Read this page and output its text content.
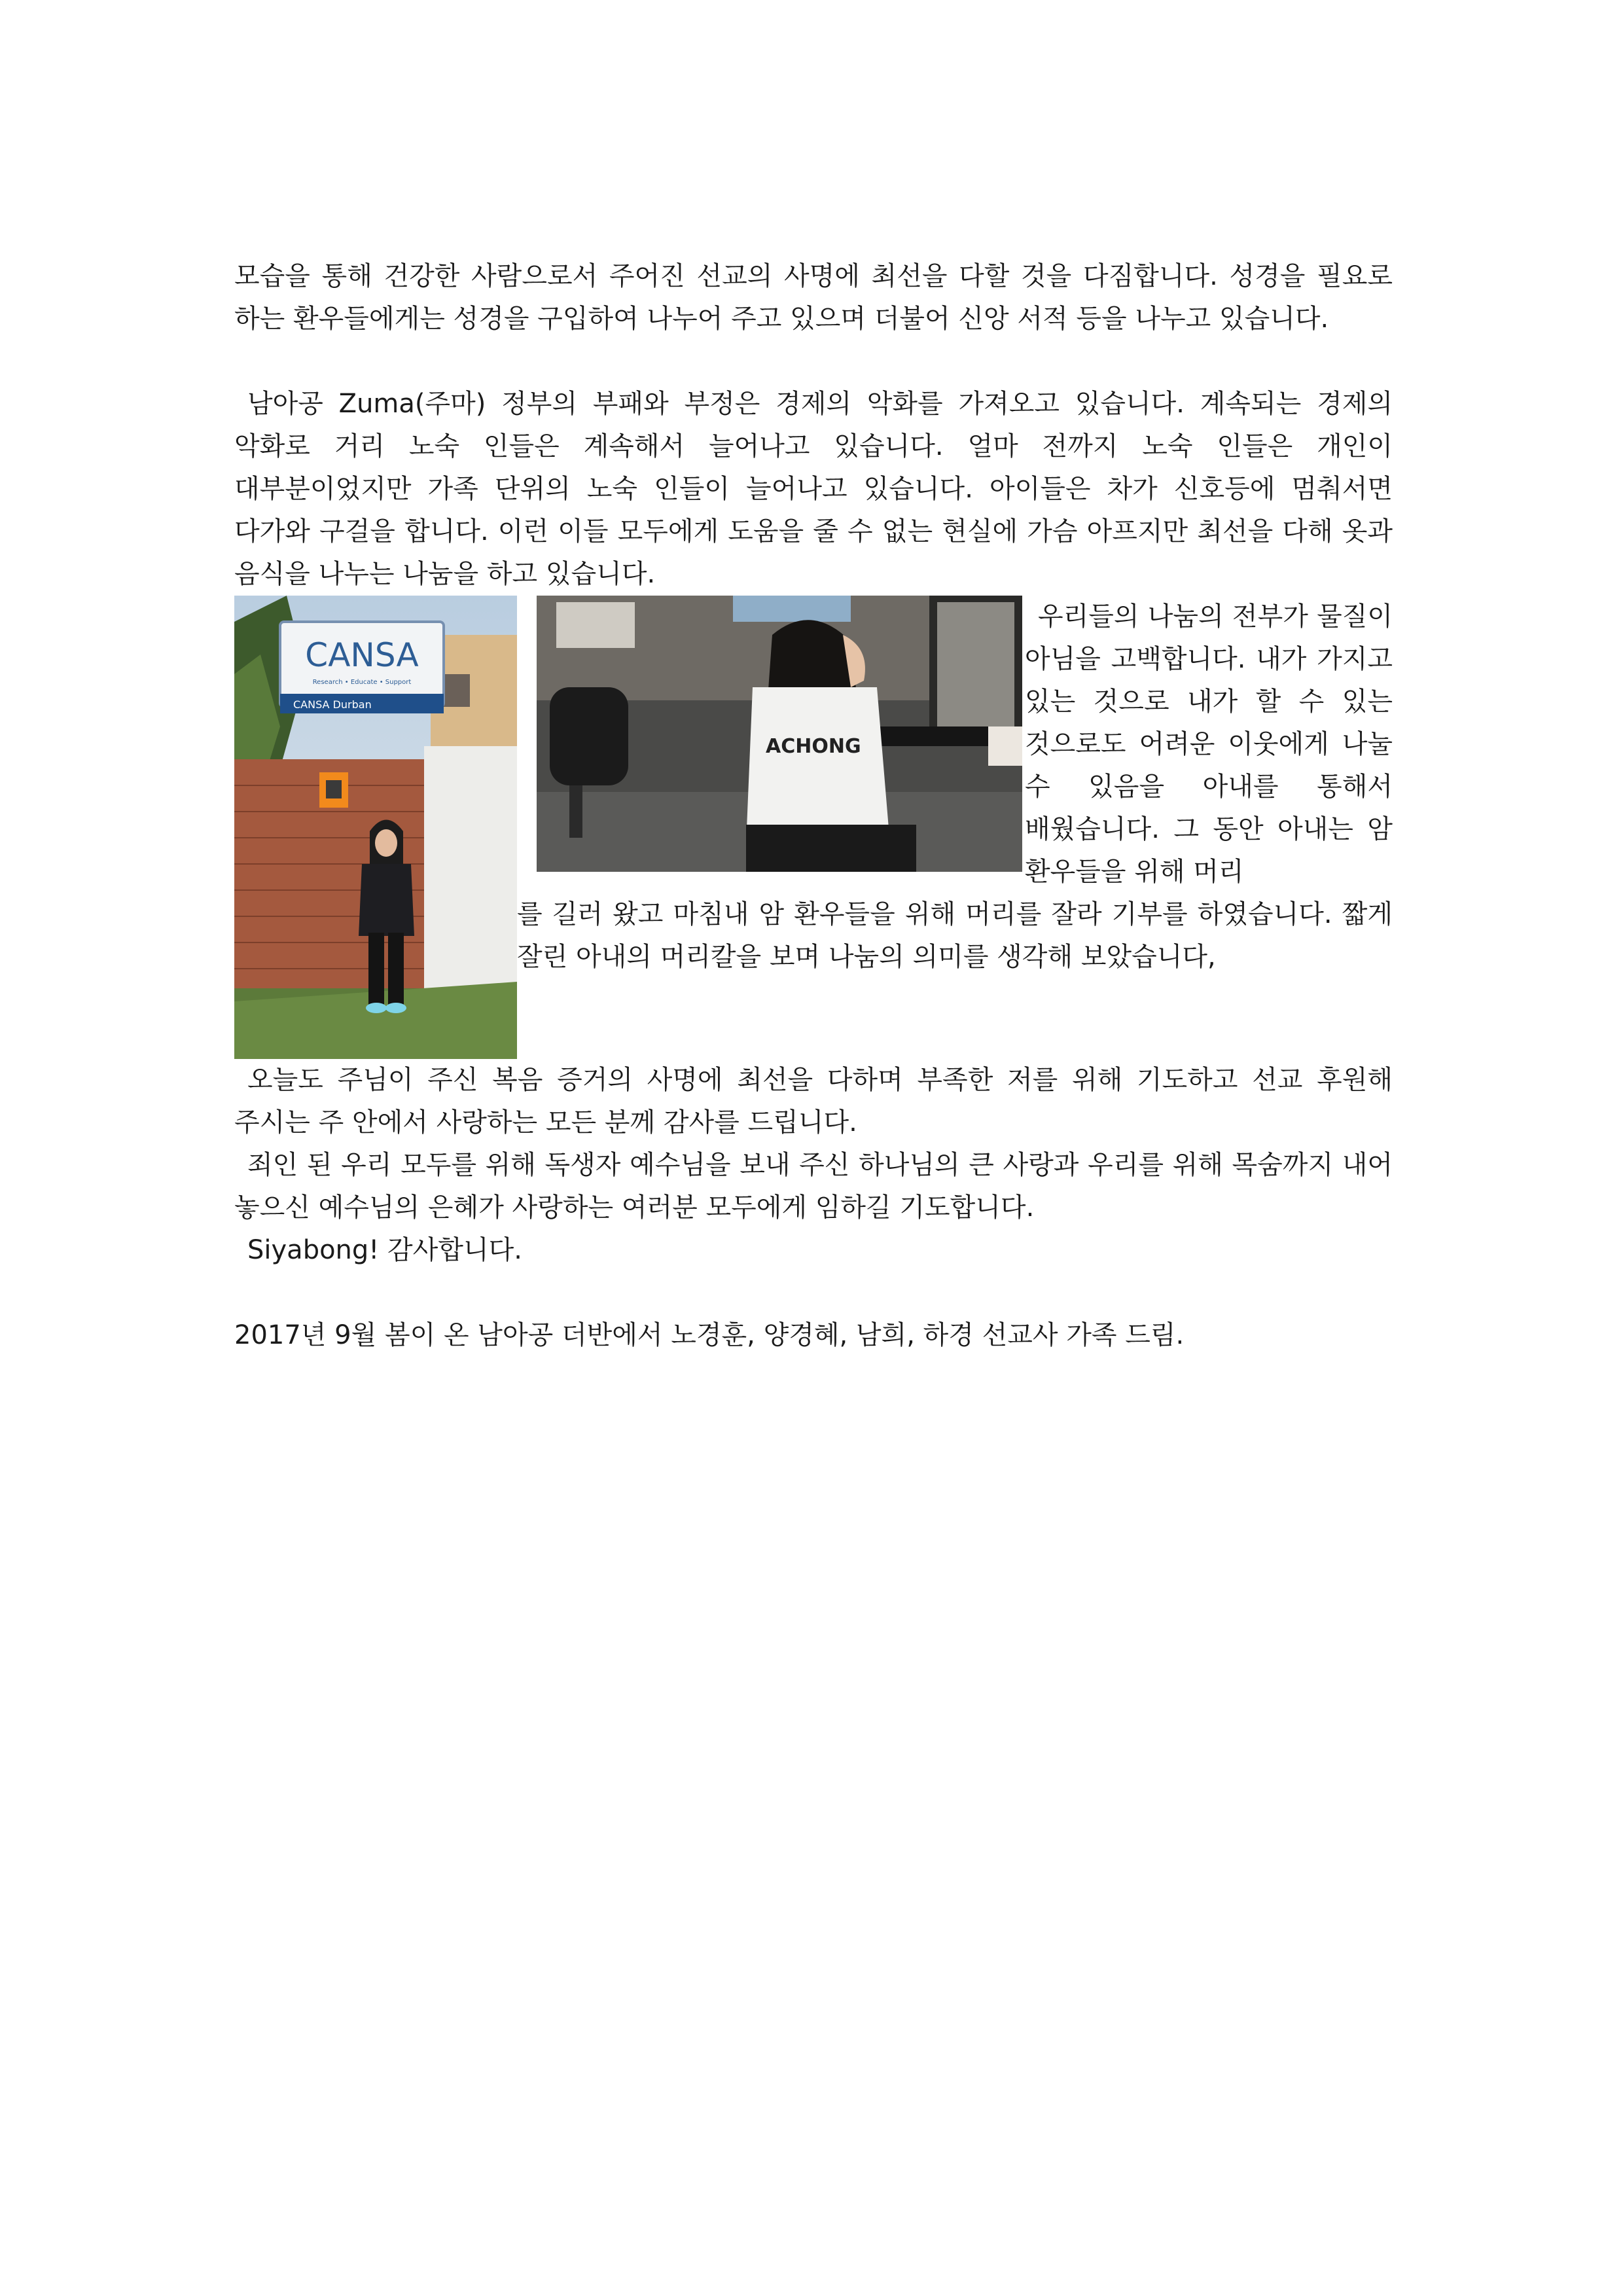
모습을 통해 건강한 사람으로서 주어진 선교의 사명에 최선을 다할 것을 다짐합니다. 성경을 필요로 하는 환우들에게는 성경을 구입하여 나누어 주고 있으며 더불어 신앙 서적 등을 나누고 있습니다.

남아공 Zuma(주마) 정부의 부패와 부정은 경제의 악화를 가져오고 있습니다. 계속되는 경제의 악화로 거리 노숙 인들은 계속해서 늘어나고 있습니다. 얼마 전까지 노숙 인들은 개인이 대부분이었지만 가족 단위의 노숙 인들이 늘어나고 있습니다. 아이들은 차가 신호등에 멈춰서면 다가와 구걸을 합니다. 이런 이들 모두에게 도움을 줄 수 없는 현실에 가슴 아프지만 최선을 다해 옷과 음식을 나누는 나눔을 하고 있습니다.

CANSA
Research • Educate • Support
CANSA Durban
ACHONG

우리들의 나눔의 전부가 물질이 아님을 고백합니다. 내가 가지고 있는 것으로 내가 할 수 있는 것으로도 어려운 이웃에게 나눌 수 있음을 아내를 통해서 배웠습니다. 그 동안 아내는 암 환우들을 위해 머리

를 길러 왔고 마침내 암 환우들을 위해 머리를 잘라 기부를 하였습니다. 짧게 잘린 아내의 머리칼을 보며 나눔의 의미를 생각해 보았습니다,

오늘도 주님이 주신 복음 증거의 사명에 최선을 다하며 부족한 저를 위해 기도하고 선교 후원해 주시는 주 안에서 사랑하는 모든 분께 감사를 드립니다.

죄인 된 우리 모두를 위해 독생자 예수님을 보내 주신 하나님의 큰 사랑과 우리를 위해 목숨까지 내어 놓으신 예수님의 은혜가 사랑하는 여러분 모두에게 임하길 기도합니다.

Siyabong! 감사합니다.

2017년 9월 봄이 온 남아공 더반에서 노경훈, 양경혜, 남희, 하경 선교사 가족 드림.
